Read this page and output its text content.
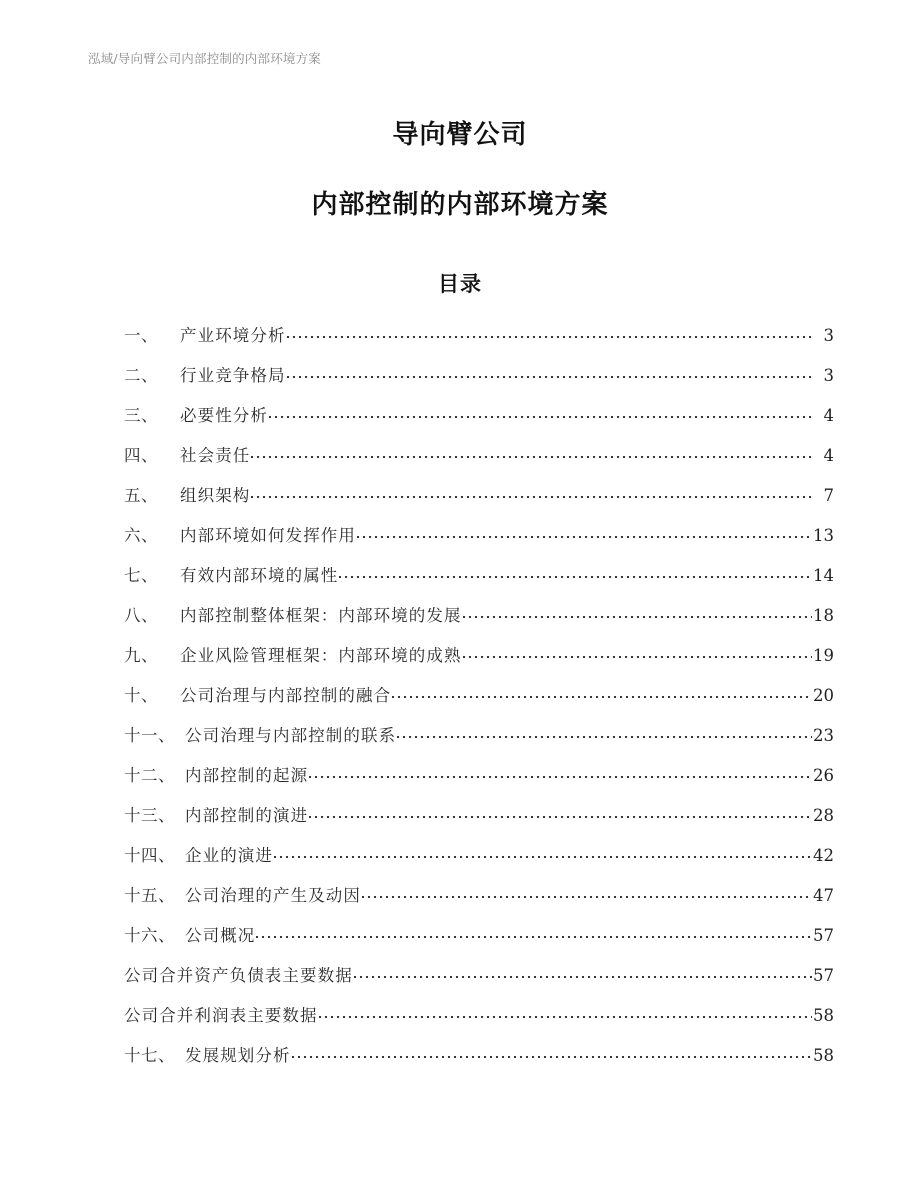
泓域/导向臂公司内部控制的内部环境方案
导向臂公司
内部控制的内部环境方案
目录
一、	产业环境分析	3
二、	行业竞争格局	3
三、	必要性分析	4
四、	社会责任	4
五、	组织架构	7
六、	内部环境如何发挥作用	13
七、	有效内部环境的属性	14
八、	内部控制整体框架：内部环境的发展	18
九、	企业风险管理框架：内部环境的成熟	19
十、	公司治理与内部控制的融合	20
十一、 公司治理与内部控制的联系	23
十二、 内部控制的起源	26
十三、 内部控制的演进	28
十四、 企业的演进	42
十五、 公司治理的产生及动因	47
十六、 公司概况	57
公司合并资产负债表主要数据	57
公司合并利润表主要数据	58
十七、 发展规划分析	58
